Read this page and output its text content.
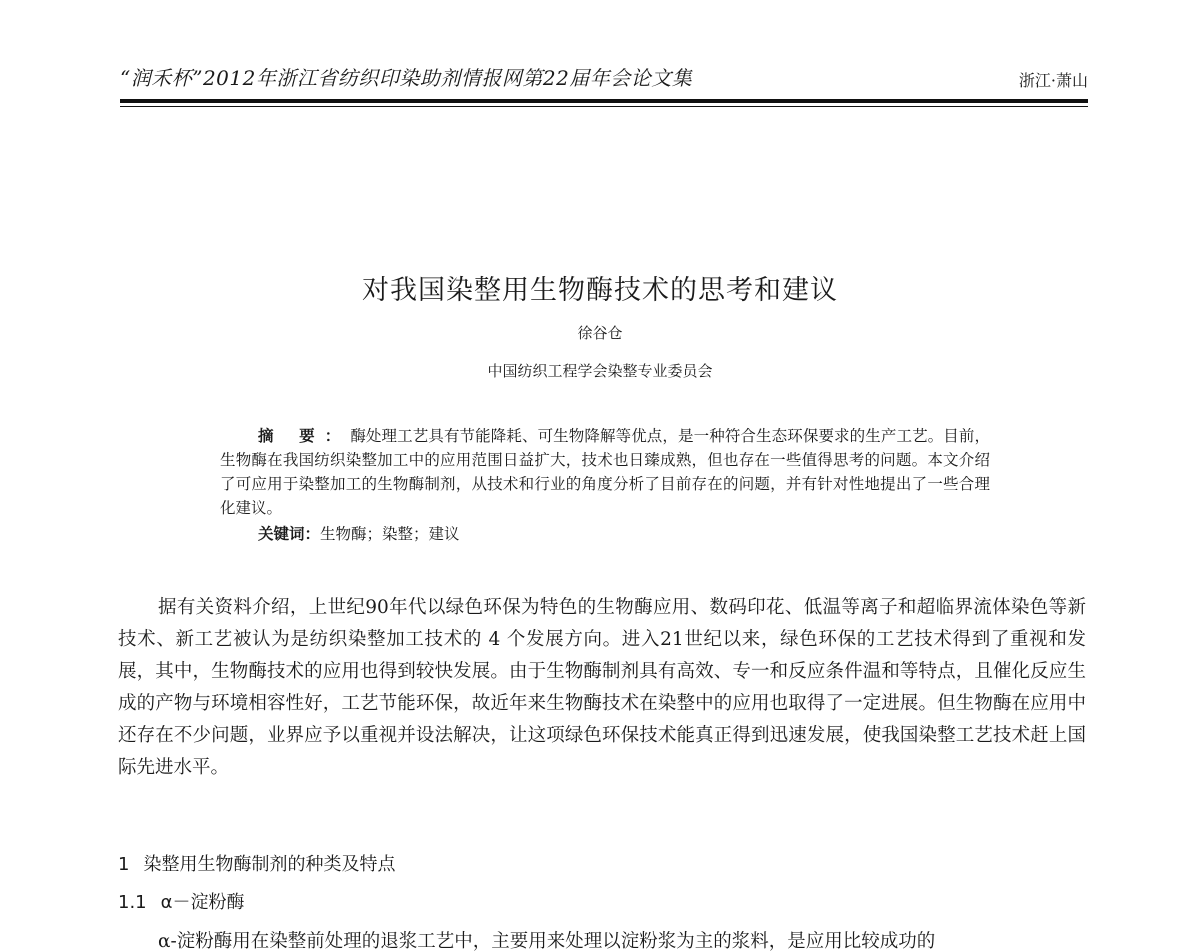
“润禾杯”2012年浙江省纺织印染助剂情报网第22届年会论文集	浙江·萧山
对我国染整用生物酶技术的思考和建议
徐谷仓
中国纺织工程学会染整专业委员会
摘 要：酶处理工艺具有节能降耗、可生物降解等优点，是一种符合生态环保要求的生产工艺。目前，生物酶在我国纺织染整加工中的应用范围日益扩大，技术也日臻成熟，但也存在一些值得思考的问题。本文介绍了可应用于染整加工的生物酶制剂，从技术和行业的角度分析了目前存在的问题，并有针对性地提出了一些合理化建议。
关键词：生物酶；染整；建议
据有关资料介绍，上世纪90年代以绿色环保为特色的生物酶应用、数码印花、低温等离子和超临界流体染色等新技术、新工艺被认为是纺织染整加工技术的 4 个发展方向。进入21世纪以来，绿色环保的工艺技术得到了重视和发展，其中，生物酶技术的应用也得到较快发展。由于生物酶制剂具有高效、专一和反应条件温和等特点，且催化反应生成的产物与环境相容性好，工艺节能环保，故近年来生物酶技术在染整中的应用也取得了一定进展。但生物酶在应用中还存在不少问题，业界应予以重视并设法解决，让这项绿色环保技术能真正得到迅速发展，使我国染整工艺技术赶上国际先进水平。
1 染整用生物酶制剂的种类及特点
1.1 α－淀粉酶
α-淀粉酶用在染整前处理的退浆工艺中，主要用来处理以淀粉浆为主的浆料，是应用比较成功的
